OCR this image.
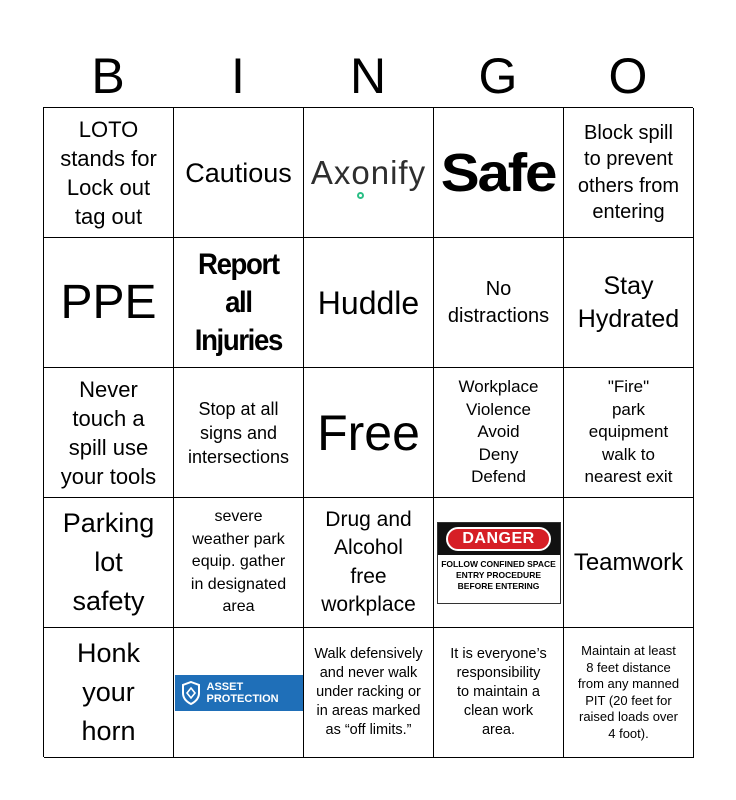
B	I	N	G	O
LOTO
stands for
Lock out
tag out
Cautious Axonify Safe
Block spill
to prevent
others from
entering
PPE
Report
all
Injuries
Huddle	No
distractions
Stay
Hydrated
Never
touch a
spill use
your tools
Stop at all
signs and
intersections Free
Workplace
Violence
Avoid
Deny
Defend
"Fire"
park
equipment
walk to
nearest exit
Parking
lot
safety
severe
weather park
equip. gather
in designated
area
Drug and
Alcohol
free
workplace
DANGER
FOLLOW CONFINED SPACE
ENTRY PROCEDURE
BEFORE ENTERING
Teamwork
Honk
your
horn
ASSET
PROTECTION
Walk defensively
and never walk
under racking or
in areas marked
as “off limits.”
It is everyone’s
responsibility
to maintain a
clean work
area.
Maintain at least
8 feet distance
from any manned
PIT (20 feet for
raised loads over
4 foot).
